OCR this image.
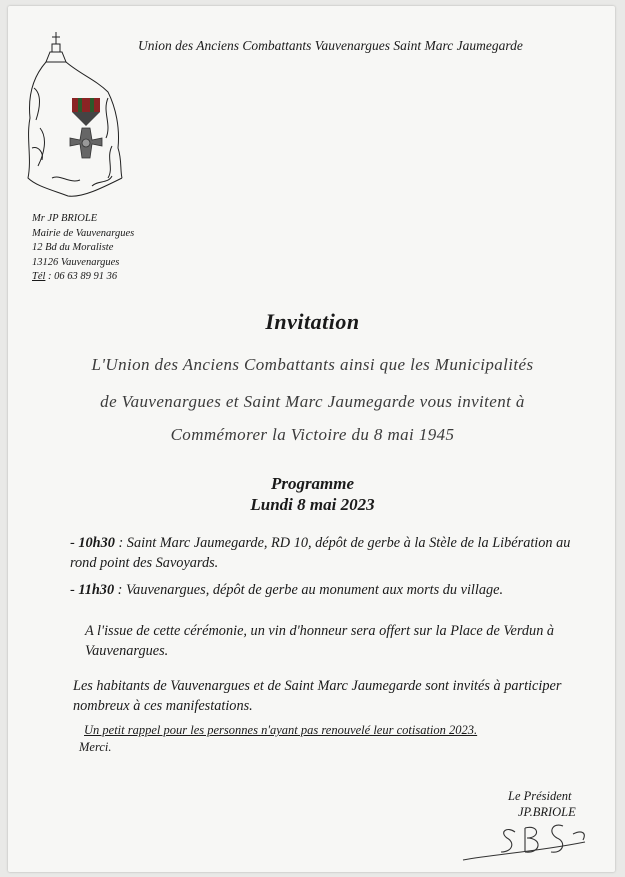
Union des Anciens Combattants Vauvenargues Saint Marc Jaumegarde
Mr JP BRIOLE
Mairie de Vauvenargues
12 Bd du Moraliste
13126 Vauvenargues
Tél : 06 63 89 91 36
Invitation
L'Union des Anciens Combattants ainsi que les Municipalités
de Vauvenargues et Saint Marc Jaumegarde vous invitent à
Commémorer la Victoire du 8 mai 1945
Programme
Lundi 8 mai 2023
- 10h30 : Saint Marc Jaumegarde, RD 10, dépôt de gerbe à la Stèle de la Libération au rond point des Savoyards.
- 11h30 : Vauvenargues, dépôt de gerbe au monument aux morts du village.
A l'issue de cette cérémonie, un vin d'honneur sera offert sur la Place de Verdun à Vauvenargues.
Les habitants de Vauvenargues et de Saint Marc Jaumegarde sont invités à participer nombreux à ces manifestations.
Un petit rappel pour les personnes n'ayant pas renouvelé leur cotisation 2023.
Merci.
Le Président
JP.BRIOLE
